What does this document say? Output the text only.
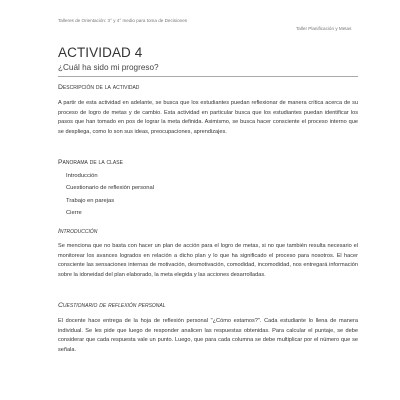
Talleres de Orientación: 3° y 4° medio para toma de Decisiones
Taller Planificación y Metas
ACTIVIDAD 4
¿Cuál ha sido mi progreso?
Descripción de la actividad

A partir de esta actividad en adelante, se busca que los estudiantes puedan reflexionar de manera crítica acerca de su proceso de logro de metas y de cambio. Esta actividad en particular busca que los estudiantes puedan identificar los pasos que han tomado en pos de lograr la meta definida. Asimismo, se busca hacer consciente el proceso interno que se despliega, como lo son sus ideas, preocupaciones, aprendizajes.

Panorama de la clase
Introducción
Cuestionario de reflexión personal
Trabajo en parejas
Cierre
Introducción

Se menciona que no basta con hacer un plan de acción para el logro de metas, si no que también resulta necesario el monitorear los avances logrados en relación a dicho plan y lo que ha significado el proceso para nosotros. El hacer consciente las sensaciones internas de motivación, desmotivación, comodidad, incomodidad, nos entregará información sobre la idoneidad del plan elaborado, la meta elegida y las acciones desarrolladas.

Cuestionario de reflexión personal

El docente hace entrega de la hoja de reflexión personal "¿Cómo estamos?". Cada estudiante lo llena de manera individual. Se les pide que luego de responder analicen las respuestas obtenidas. Para calcular el puntaje, se debe considerar que cada respuesta vale un punto. Luego, que para cada columna se debe multiplicar por el número que se señala.
